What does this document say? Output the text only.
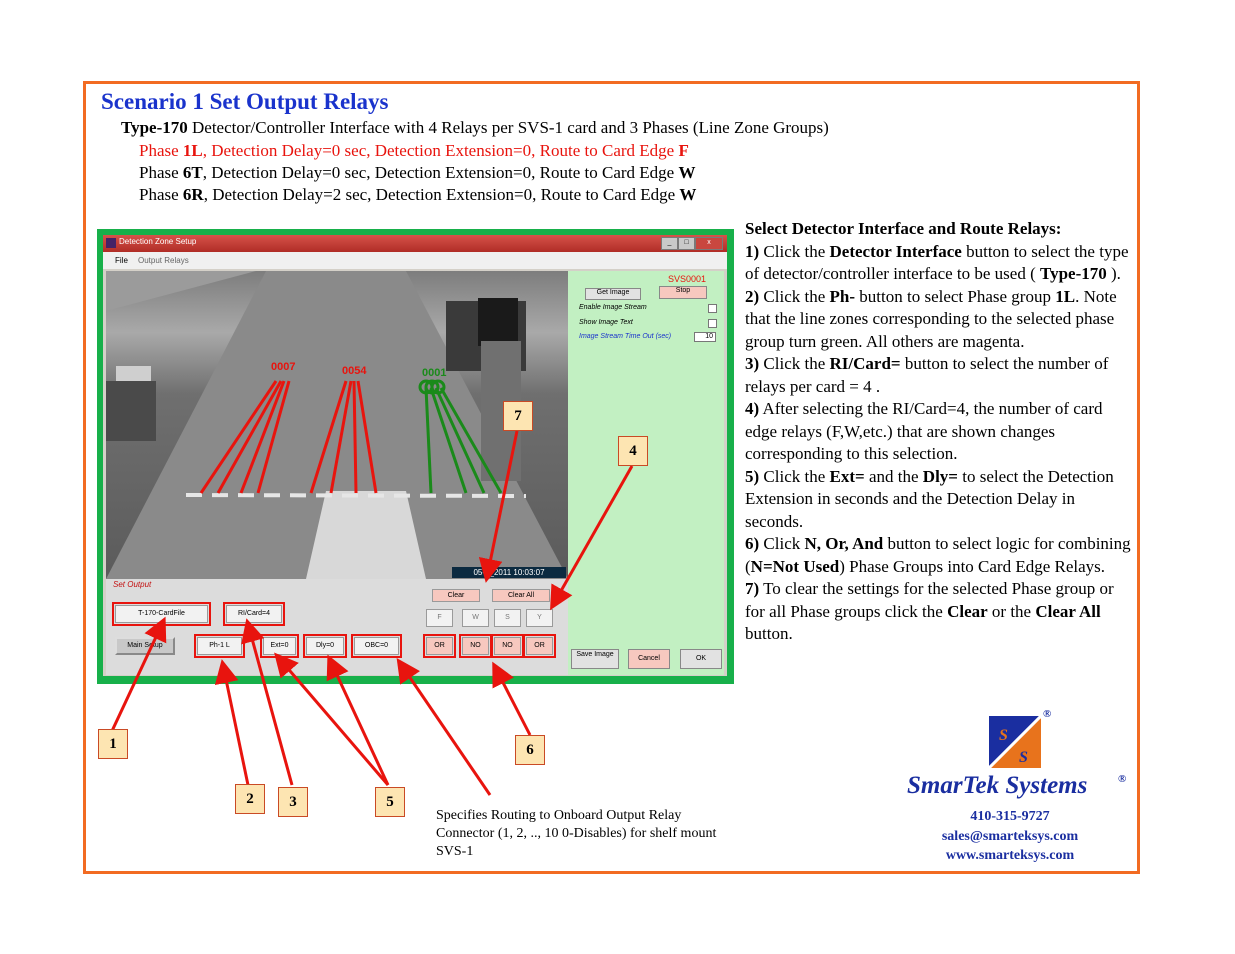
Scenario 1 Set Output Relays
Type-170 Detector/Controller Interface with 4 Relays per SVS-1 card and 3 Phases (Line Zone Groups)
Phase 1L, Detection Delay=0 sec, Detection Extension=0, Route to Card Edge F
Phase 6T, Detection Delay=0 sec, Detection Extension=0, Route to Card Edge W
Phase 6R, Detection Delay=2 sec, Detection Extension=0, Route to Card Edge W
Detection Zone Setup	_	□	x
File Output Relays
0007	0054	0001
05-3_2011 10:03:07
SVS0001
Get Image	Stop
Enable Image Stream
Show Image Text
Image Stream Time Out (sec)	10
Save Image
Cancel	OK
Set Output
Clear	Clear All
T-170-CardFile	RI/Card=4
F	W	S	Y
Main Setup	Ph-1 L	Ext=0	Dly=0	OBC=0	OR	NO	NO	OR
1
2	3
4
5
6
7
Specifies Routing to Onboard Output Relay Connector (1, 2, .., 10 0-Disables) for shelf mount SVS-1

Select Detector Interface and Route Relays:

1) Click the Detector Interface button to select the type of detector/controller interface to be used ( Type-170 ).

2) Click the Ph- button to select Phase group 1L. Note that the line zones corresponding to the selected phase group turn green. All others are magenta.

3) Click the RI/Card= button to select the number of relays per card = 4 .

4) After selecting the RI/Card=4, the number of card edge relays (F,W,etc.) that are shown changes corresponding to this selection.

5) Click the Ext= and the Dly= to select the Detection Extension in seconds and the Detection Delay in seconds.

6) Click N, Or, And button to select logic for combining (N=Not Used) Phase Groups into Card Edge Relays.

7) To clear the settings for the selected Phase group or for all Phase groups click the Clear or the Clear All button.

S
S
®
SmarTek Systems	®
410-315-9727
sales@smarteksys.com
www.smarteksys.com
